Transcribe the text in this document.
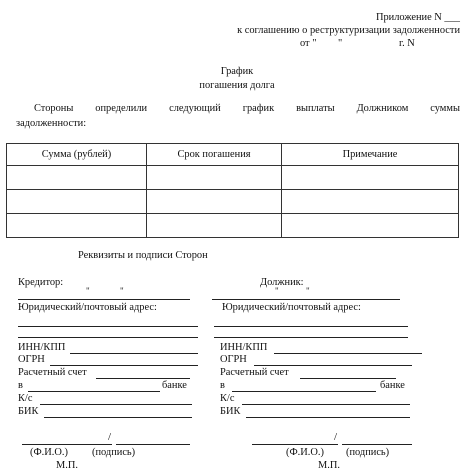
Приложение N ___
к соглашению о реструктуризации задолженности
от " "	г. N
График
погашения долга
Стороны определили следующий график выплаты Должником суммы
задолженности:
Сумма (рублей)	Срок погашения	Примечание

Реквизиты и подписи Сторон
Кредитор:
"	"
Юридический/почтовый адрес:
ИНН/КПП
ОГРН
Расчетный счет
в	банке
К/с
БИК
/
(Ф.И.О.) (подпись)
М.П.
Должник:
"	"
Юридический/почтовый адрес:
ИНН/КПП
ОГРН
Расчетный счет
в	банке
К/с
БИК
/
(Ф.И.О.) (подпись)
М.П.
